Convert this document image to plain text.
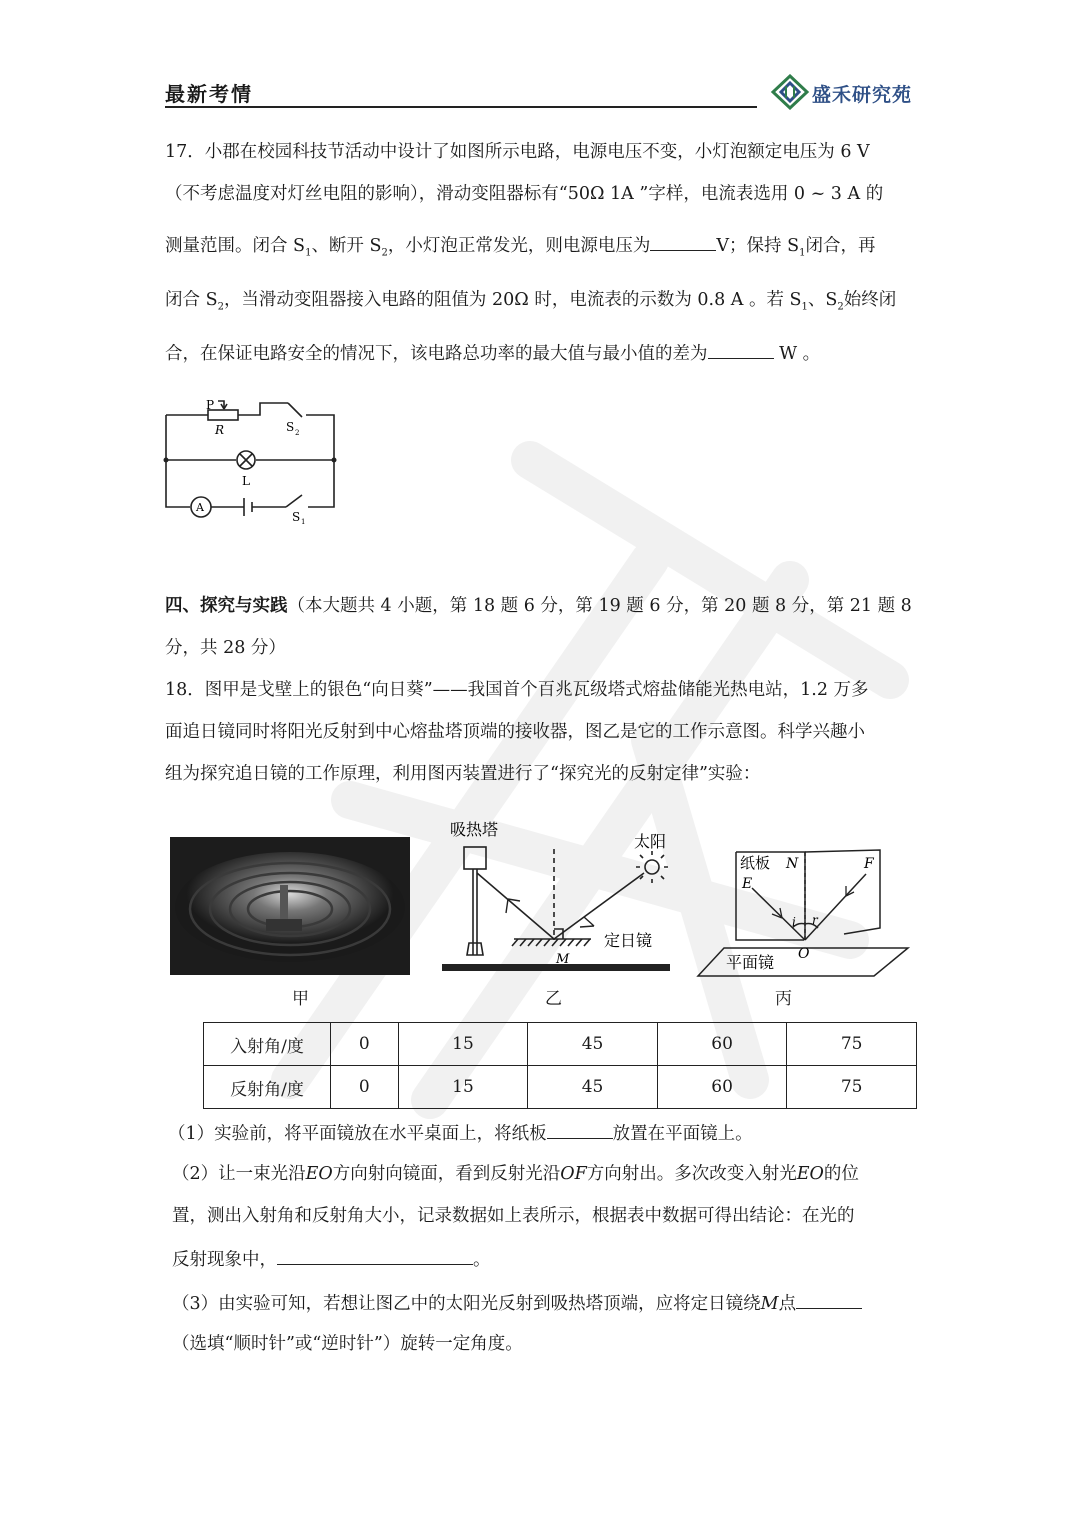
最新考情	盛禾研究苑
17．小郡在校园科技节活动中设计了如图所示电路，电源电压不变，小灯泡额定电压为 6 V
（不考虑温度对灯丝电阻的影响），滑动变阻器标有“50Ω 1A ”字样，电流表选用 0 ~ 3 A 的
测量范围。闭合 $S_1$、断开 $S_2$，小灯泡正常发光，则电源电压为	V；保持 $S_1$闭合，再
闭合 $S_2$，当滑动变阻器接入电路的阻值为 20Ω 时，电流表的示数为 0.8 A 。若 $S_1$、$S_2$始终闭
合，在保证电路安全的情况下，该电路总功率的最大值与最小值的差为	W 。
P
R	S 2
L
A
S 1
四、探究与实践（本大题共 4 小题，第 18 题 6 分，第 19 题 6 分，第 20 题 8 分，第 21 题 8
分，共 28 分）
18．图甲是戈壁上的银色“向日葵”——我国首个百兆瓦级塔式熔盐储能光热电站，1.2 万多
面追日镜同时将阳光反射到中心熔盐塔顶端的接收器，图乙是它的工作示意图。科学兴趣小
组为探究追日镜的工作原理，利用图丙装置进行了“探究光的反射定律”实验：
甲
吸热塔
太阳
定日镜
M
乙
纸板 N
E
F
i r
O
平面镜
丙
入射角/度	0	15	45	60	75
反射角/度	0	15	45	60	75
（1）实验前，将平面镜放在水平桌面上，将纸板	放置在平面镜上。
（2）让一束光沿EO方向射向镜面，看到反射光沿OF方向射出。多次改变入射光EO的位
置，测出入射角和反射角大小，记录数据如上表所示，根据表中数据可得出结论：在光的
反射现象中，	。
（3）由实验可知，若想让图乙中的太阳光反射到吸热塔顶端，应将定日镜绕M点
（选填“顺时针”或“逆时针”）旋转一定角度。
